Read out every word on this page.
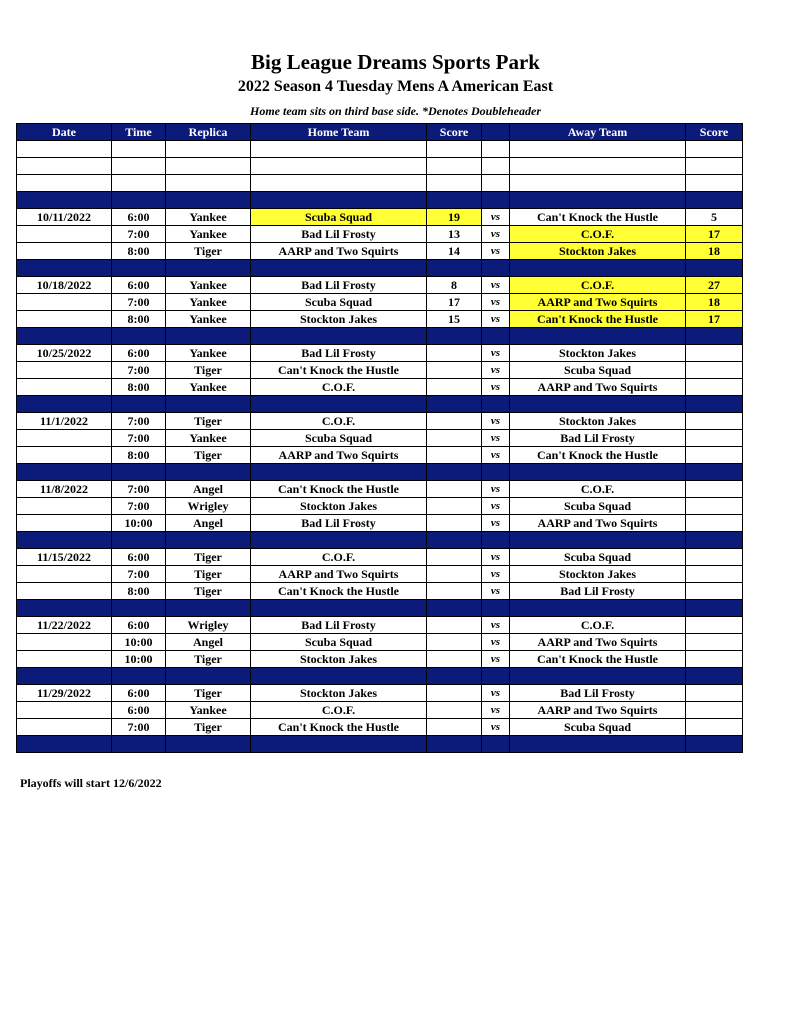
Big League Dreams Sports Park
2022 Season 4 Tuesday Mens A American East
Home team sits on third base side. *Denotes Doubleheader
Date	Time	Replica	Home Team	Score		Away Team	Score

10/11/2022	6:00	Yankee	Scuba Squad	19	vs	Can't Knock the Hustle	5
	7:00	Yankee	Bad Lil Frosty	13	vs	C.O.F.	17
	8:00	Tiger	AARP and Two Squirts	14	vs	Stockton Jakes	18

10/18/2022	6:00	Yankee	Bad Lil Frosty	8	vs	C.O.F.	27
	7:00	Yankee	Scuba Squad	17	vs	AARP and Two Squirts	18
	8:00	Yankee	Stockton Jakes	15	vs	Can't Knock the Hustle	17

10/25/2022	6:00	Yankee	Bad Lil Frosty		vs	Stockton Jakes	
	7:00	Tiger	Can't Knock the Hustle		vs	Scuba Squad	
	8:00	Yankee	C.O.F.		vs	AARP and Two Squirts	

11/1/2022	7:00	Tiger	C.O.F.		vs	Stockton Jakes	
	7:00	Yankee	Scuba Squad		vs	Bad Lil Frosty	
	8:00	Tiger	AARP and Two Squirts		vs	Can't Knock the Hustle	

11/8/2022	7:00	Angel	Can't Knock the Hustle		vs	C.O.F.	
	7:00	Wrigley	Stockton Jakes		vs	Scuba Squad	
	10:00	Angel	Bad Lil Frosty		vs	AARP and Two Squirts	

11/15/2022	6:00	Tiger	C.O.F.		vs	Scuba Squad	
	7:00	Tiger	AARP and Two Squirts		vs	Stockton Jakes	
	8:00	Tiger	Can't Knock the Hustle		vs	Bad Lil Frosty	

11/22/2022	6:00	Wrigley	Bad Lil Frosty		vs	C.O.F.	
	10:00	Angel	Scuba Squad		vs	AARP and Two Squirts	
	10:00	Tiger	Stockton Jakes		vs	Can't Knock the Hustle	

11/29/2022	6:00	Tiger	Stockton Jakes		vs	Bad Lil Frosty	
	6:00	Yankee	C.O.F.		vs	AARP and Two Squirts	
	7:00	Tiger	Can't Knock the Hustle		vs	Scuba Squad	

Playoffs will start 12/6/2022
